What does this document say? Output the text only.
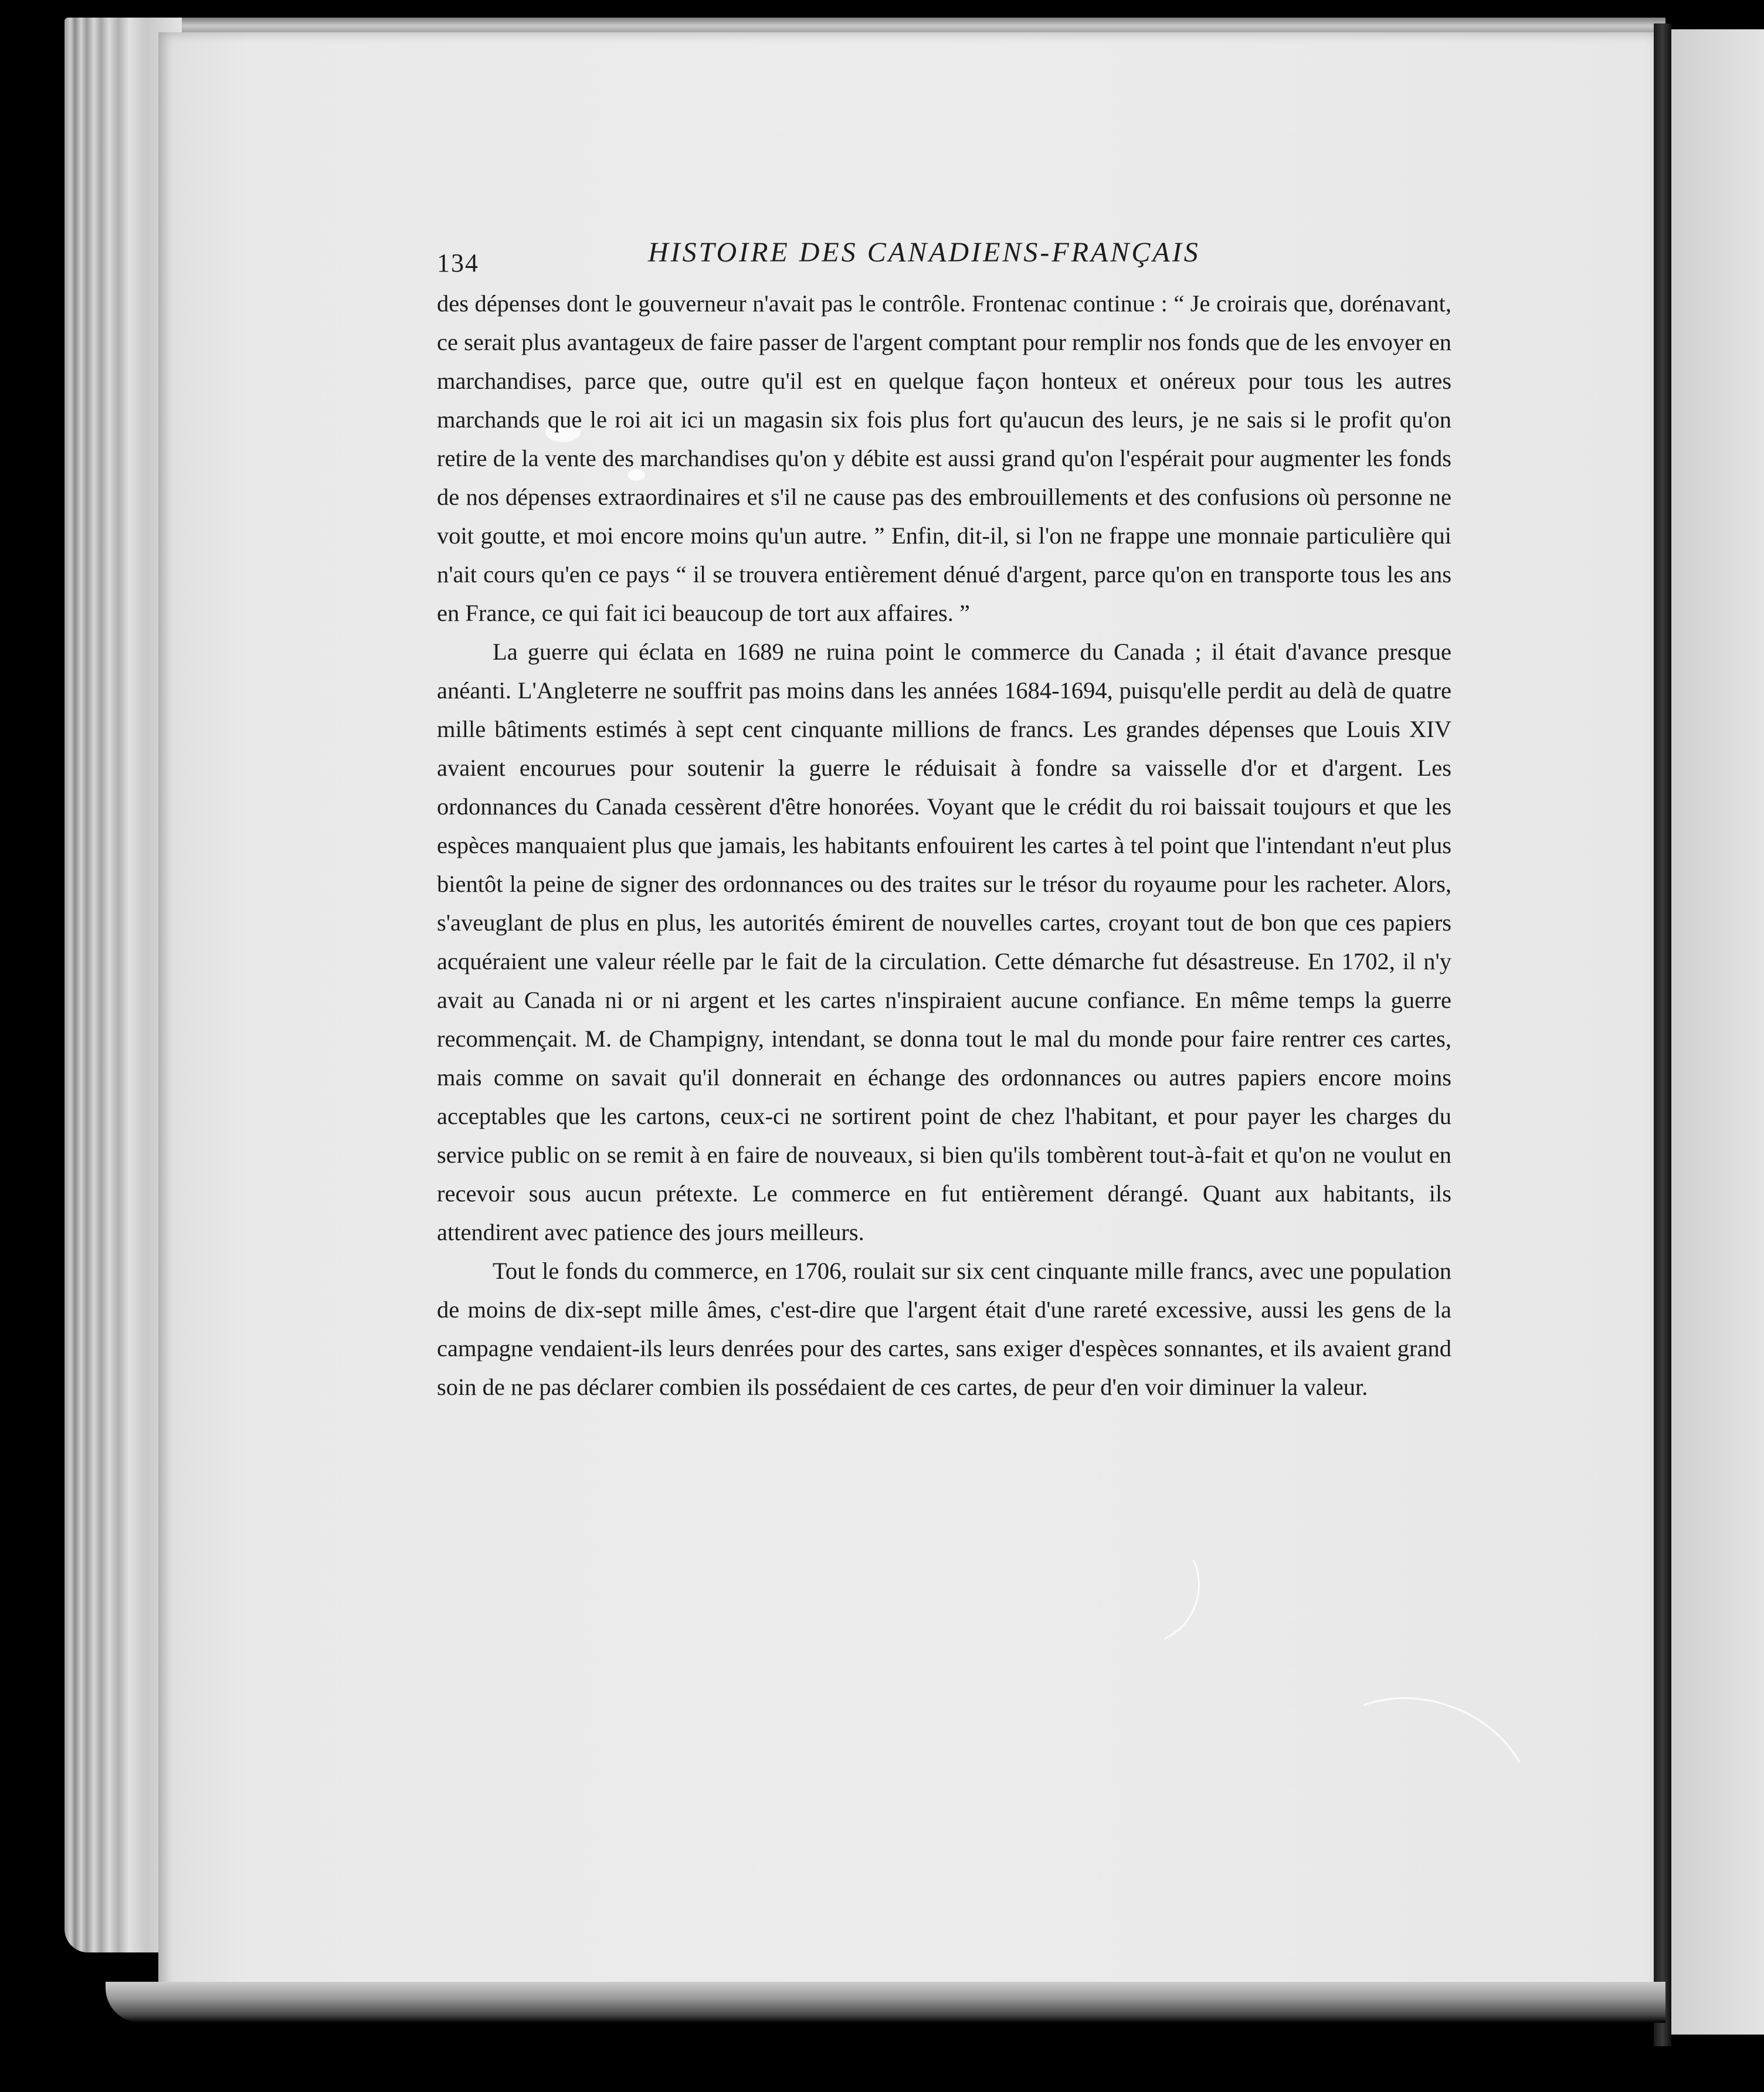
134	HISTOIRE DES CANADIENS-FRANÇAIS

des dépenses dont le gouverneur n'avait pas le contrôle. Frontenac continue : “ Je croirais que, dorénavant, ce serait plus avantageux de faire passer de l'argent comptant pour remplir nos fonds que de les envoyer en marchandises, parce que, outre qu'il est en quelque façon honteux et onéreux pour tous les autres marchands que le roi ait ici un magasin six fois plus fort qu'aucun des leurs, je ne sais si le profit qu'on retire de la vente des marchandises qu'on y débite est aussi grand qu'on l'espérait pour augmenter les fonds de nos dépenses extraordinaires et s'il ne cause pas des embrouillements et des confusions où personne ne voit goutte, et moi encore moins qu'un autre. ” Enfin, dit-il, si l'on ne frappe une monnaie particulière qui n'ait cours qu'en ce pays “ il se trouvera entièrement dénué d'argent, parce qu'on en transporte tous les ans en France, ce qui fait ici beaucoup de tort aux affaires. ”

La guerre qui éclata en 1689 ne ruina point le commerce du Canada ; il était d'avance presque anéanti. L'Angleterre ne souffrit pas moins dans les années 1684-1694, puisqu'elle perdit au delà de quatre mille bâtiments estimés à sept cent cinquante millions de francs. Les grandes dépenses que Louis XIV avaient encourues pour soutenir la guerre le réduisait à fondre sa vaisselle d'or et d'argent. Les ordonnances du Canada cessèrent d'être honorées. Voyant que le crédit du roi baissait toujours et que les espèces manquaient plus que jamais, les habitants enfouirent les cartes à tel point que l'intendant n'eut plus bientôt la peine de signer des ordonnances ou des traites sur le trésor du royaume pour les racheter. Alors, s'aveuglant de plus en plus, les autorités émirent de nouvelles cartes, croyant tout de bon que ces papiers acquéraient une valeur réelle par le fait de la circulation. Cette démarche fut désastreuse. En 1702, il n'y avait au Canada ni or ni argent et les cartes n'inspiraient aucune confiance. En même temps la guerre recommençait. M. de Champigny, intendant, se donna tout le mal du monde pour faire rentrer ces cartes, mais comme on savait qu'il donnerait en échange des ordonnances ou autres papiers encore moins acceptables que les cartons, ceux-ci ne sortirent point de chez l'habitant, et pour payer les charges du service public on se remit à en faire de nouveaux, si bien qu'ils tombèrent tout-à-fait et qu'on ne voulut en recevoir sous aucun prétexte. Le commerce en fut entièrement dérangé. Quant aux habitants, ils attendirent avec patience des jours meilleurs.

Tout le fonds du commerce, en 1706, roulait sur six cent cinquante mille francs, avec une population de moins de dix-sept mille âmes, c'est-dire que l'argent était d'une rareté excessive, aussi les gens de la campagne vendaient-ils leurs denrées pour des cartes, sans exiger d'espèces sonnantes, et ils avaient grand soin de ne pas déclarer combien ils possédaient de ces cartes, de peur d'en voir diminuer la valeur.
